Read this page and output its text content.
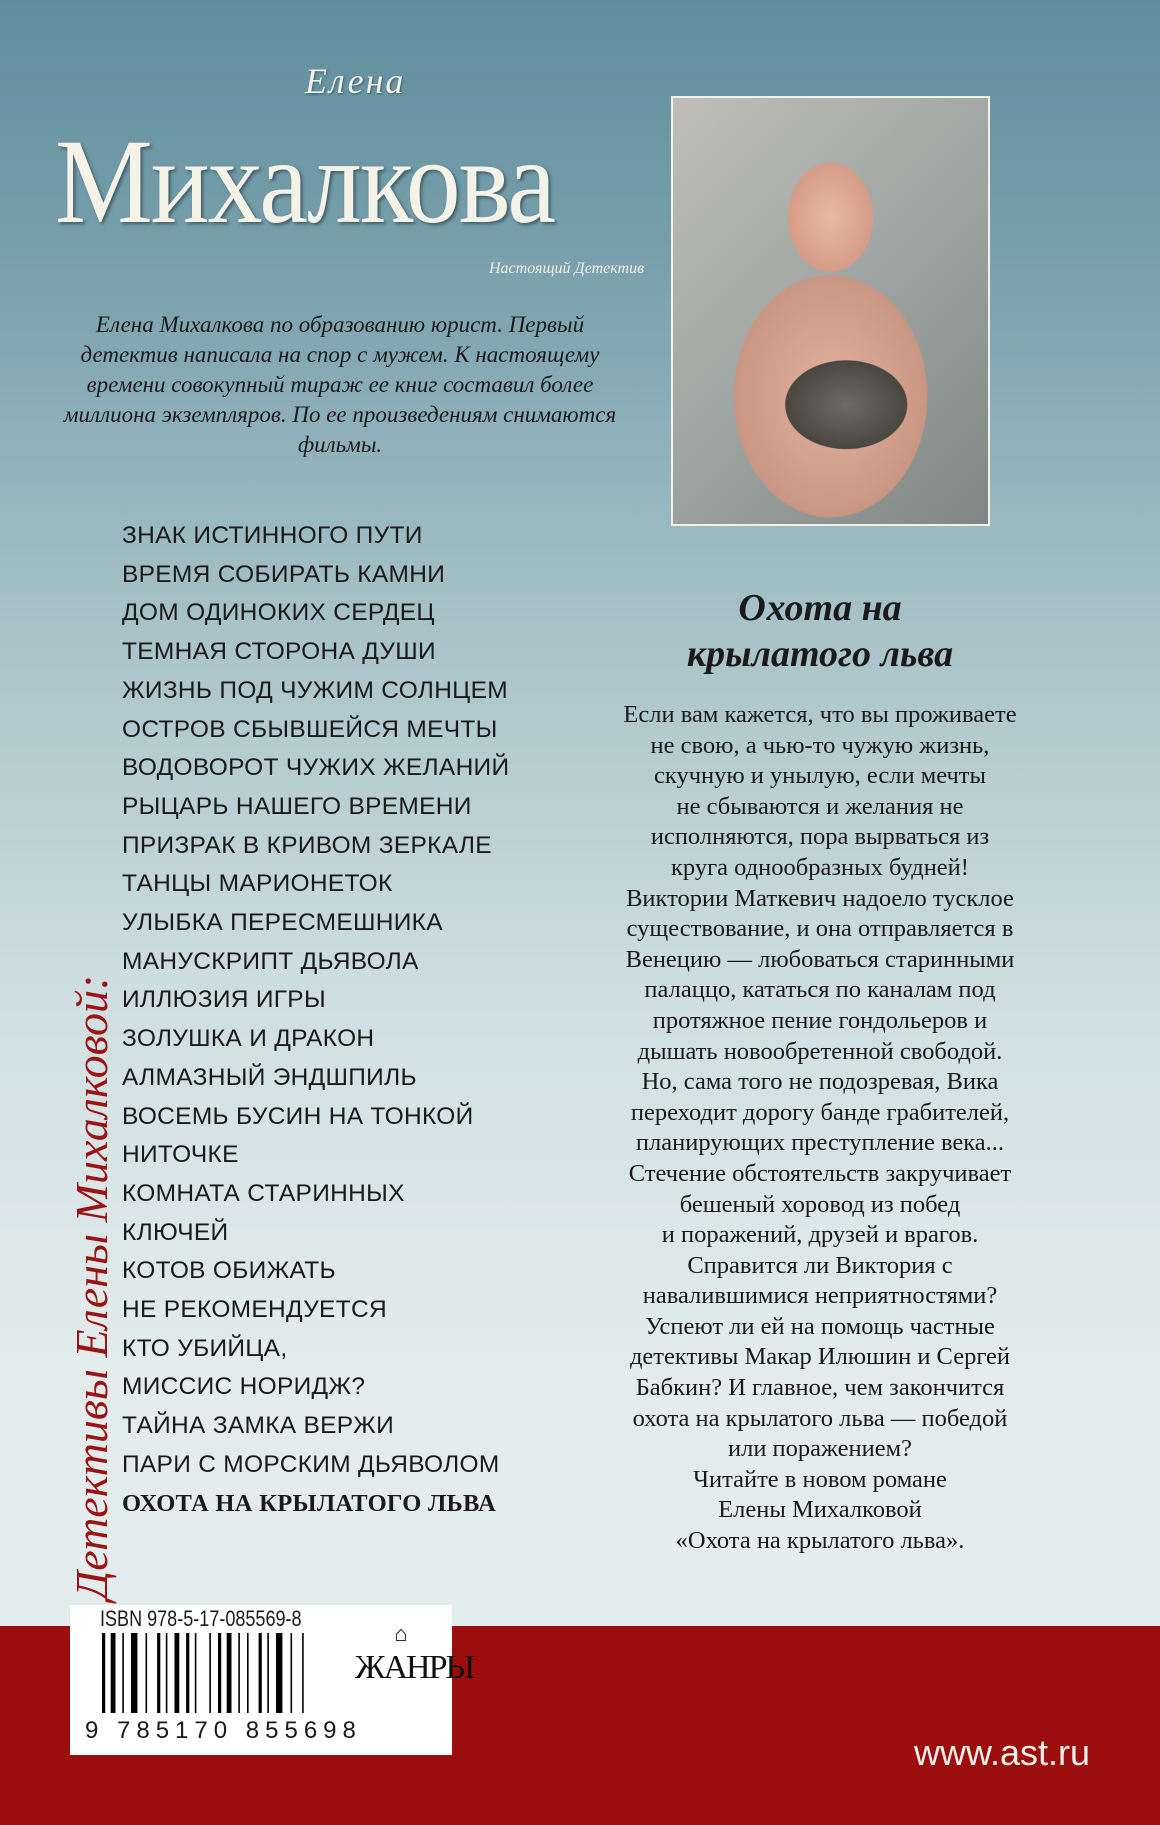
Елена
Михалкова
Настоящий Детектив
Елена Михалкова по образованию юрист. Первый детектив написала на спор с мужем. К настоящему времени совокупный тираж ее книг составил более миллиона экземпляров. По ее произведениям снимаются фильмы.
Детективы Елены Михалковой:
ЗНАК ИСТИННОГО ПУТИ
ВРЕМЯ СОБИРАТЬ КАМНИ
ДОМ ОДИНОКИХ СЕРДЕЦ
ТЕМНАЯ СТОРОНА ДУШИ
ЖИЗНЬ ПОД ЧУЖИМ СОЛНЦЕМ
ОСТРОВ СБЫВШЕЙСЯ МЕЧТЫ
ВОДОВОРОТ ЧУЖИХ ЖЕЛАНИЙ
РЫЦАРЬ НАШЕГО ВРЕМЕНИ
ПРИЗРАК В КРИВОМ ЗЕРКАЛЕ
ТАНЦЫ МАРИОНЕТОК
УЛЫБКА ПЕРЕСМЕШНИКА
МАНУСКРИПТ ДЬЯВОЛА
ИЛЛЮЗИЯ ИГРЫ
ЗОЛУШКА И ДРАКОН
АЛМАЗНЫЙ ЭНДШПИЛЬ
ВОСЕМЬ БУСИН НА ТОНКОЙ
НИТОЧКЕ
КОМНАТА СТАРИННЫХ
КЛЮЧЕЙ
КОТОВ ОБИЖАТЬ
НЕ РЕКОМЕНДУЕТСЯ
КТО УБИЙЦА,
МИССИС НОРИДЖ?
ТАЙНА ЗАМКА ВЕРЖИ
ПАРИ С МОРСКИМ ДЬЯВОЛОМ
ОХОТА НА КРЫЛАТОГО ЛЬВА
Охота на
крылатого льва
Если вам кажется, что вы проживаете
не свою, а чью-то чужую жизнь,
скучную и унылую, если мечты
не сбываются и желания не
исполняются, пора вырваться из
круга однообразных будней!
Виктории Маткевич надоело тусклое
существование, и она отправляется в
Венецию — любоваться старинными
палаццо, кататься по каналам под
протяжное пение гондольеров и
дышать новообретенной свободой.
Но, сама того не подозревая, Вика
переходит дорогу банде грабителей,
планирующих преступление века...
Стечение обстоятельств закручивает
бешеный хоровод из побед
и поражений, друзей и врагов.
Справится ли Виктория с
навалившимися неприятностями?
Успеют ли ей на помощь частные
детективы Макар Илюшин и Сергей
Бабкин? И главное, чем закончится
охота на крылатого льва — победой
или поражением?
Читайте в новом романе
Елены Михалковой
«Охота на крылатого льва».
ISBN 978-5-17-085569-8
9 785170 855698
⌂
ЖАНРЫ
www.ast.ru
